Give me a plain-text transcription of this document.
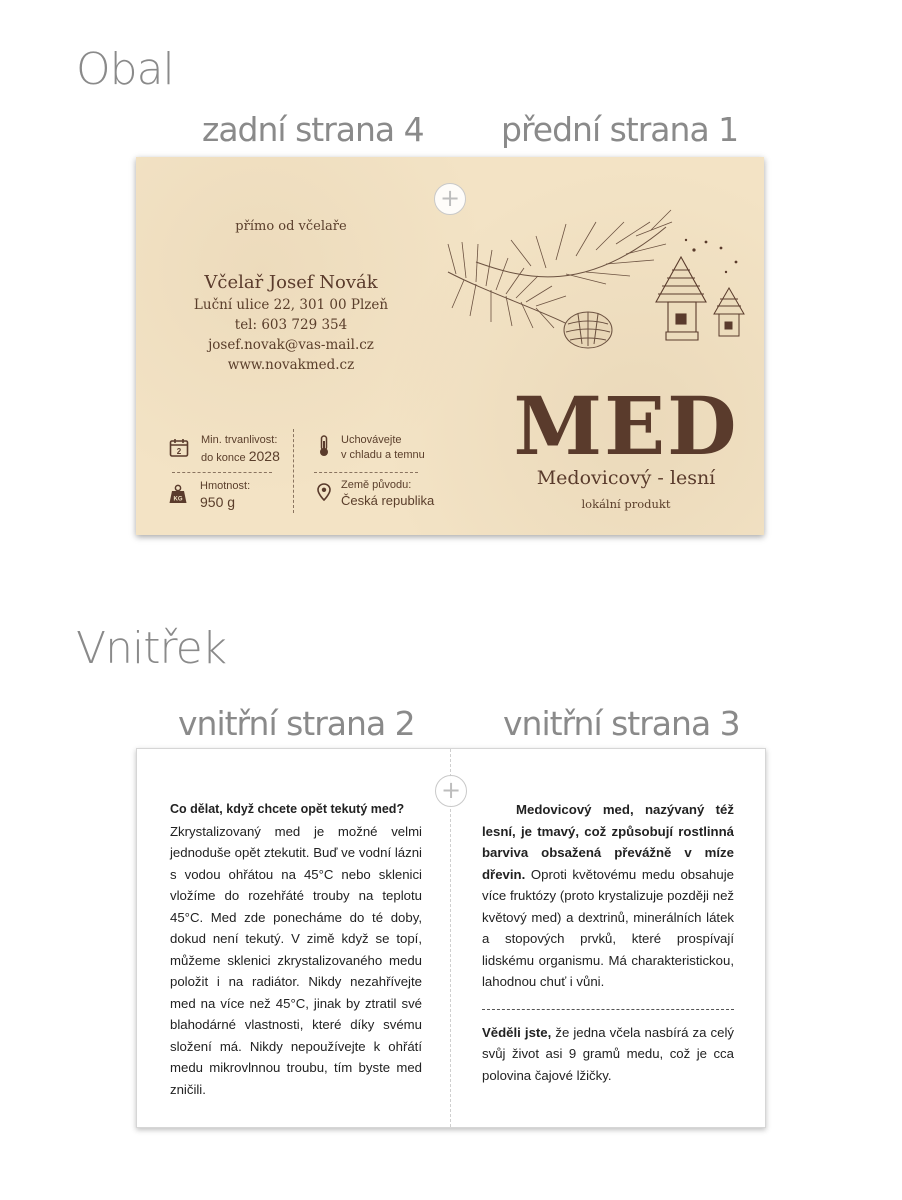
Obal
zadní strana 4 přední strana 1
přímo od včelaře
Včelař Josef Novák
Luční ulice 22, 301 00 Plzeň
tel: 603 729 354
josef.novak@vas-mail.cz
www.novakmed.cz
2
Min. trvanlivost:
do konce 2028
KG
Hmotnost:
950 g
Uchovávejte
v chladu a temnu
Země původu:
Česká republika
MED
Medovicový - lesní
lokální produkt
+
Vnitřek
vnitřní strana 2	vnitřní strana 3
+
Co dělat, když chcete opět tekutý med?
Zkrystalizovaný med je možné velmi jednoduše opět ztekutit. Buď ve vodní lázni s vodou ohřátou na 45°C nebo sklenici vložíme do rozehřáté trouby na teplotu 45°C. Med zde ponecháme do té doby, dokud není tekutý. V zimě když se topí, můžeme sklenici zkrystalizovaného medu položit i na radiátor. Nikdy nezahřívejte med na více než 45°C, jinak by ztratil své blahodárné vlastnosti, které díky svému složení má. Nikdy nepoužívejte k ohřátí medu mikrovlnnou troubu, tím byste med zničili.
Medovicový med, nazývaný též lesní, je tmavý, což způsobují rostlinná barviva obsažená převážně v míze dřevin. Oproti květovému medu obsahuje více fruktózy (proto krystalizuje později než květový med) a dextrinů, minerálních látek a stopových prvků, které prospívají lidskému organismu. Má charakteristickou, lahodnou chuť i vůni.
Věděli jste, že jedna včela nasbírá za celý svůj život asi 9 gramů medu, což je cca polovina čajové lžičky.
